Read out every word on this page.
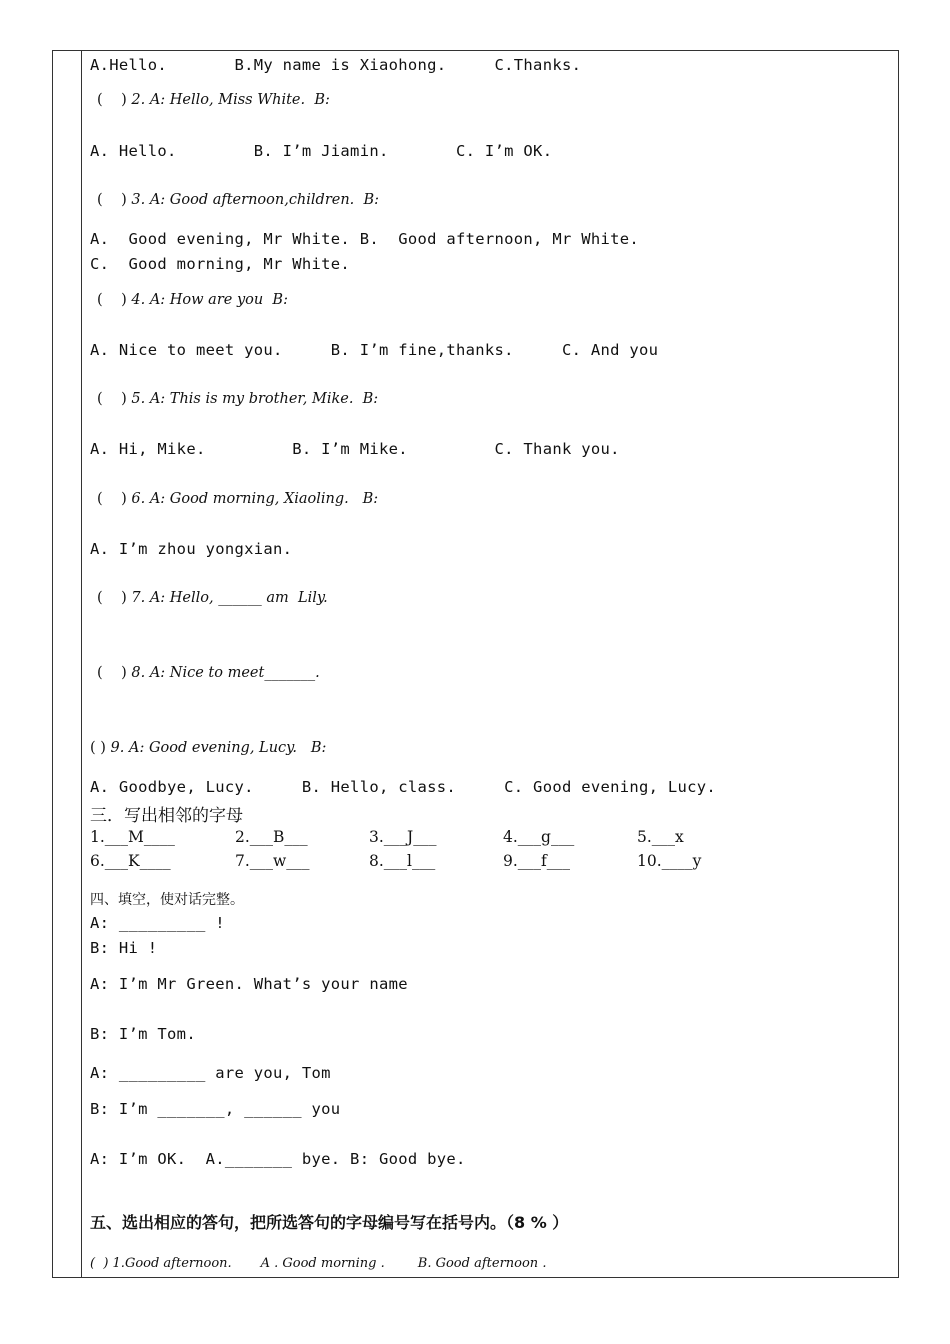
A.Hello.       B.My name is Xiaohong.     C.Thanks.
(    ) 2. A: Hello, Miss White.  B:
A. Hello.        B. I’m Jiamin.       C. I’m OK.
(    ) 3. A: Good afternoon,children.  B:
A.  Good evening, Mr White. B.  Good afternoon, Mr White.
C.  Good morning, Mr White.
(    ) 4. A: How are you  B:
A. Nice to meet you.     B. I’m fine,thanks.     C. And you
(    ) 5. A: This is my brother, Mike.  B:
A. Hi, Mike.         B. I’m Mike.         C. Thank you.
(    ) 6. A: Good morning, Xiaoling.   B:
A. I’m zhou yongxian.
(    ) 7. A: Hello, ______ am  Lily.
(    ) 8. A: Nice to meet_______.
( ) 9. A: Good evening, Lucy.   B:
A. Goodbye, Lucy.     B. Hello, class.     C. Good evening, Lucy.
三．写出相邻的字母
1.___M____	2.___B___	3.___J___	4.___g___	5.___x
6.___K____	7.___w___	8.___l___	9.___f___	10.____y
四、填空，使对话完整。
A: _________ !
B: Hi !
A: I’m Mr Green. What’s your name
B: I’m Tom.
A: _________ are you, Tom
B: I’m _______, ______ you
A: I’m OK.  A._______ bye. B: Good bye.
五、选出相应的答句，把所选答句的字母编号写在括号内。（8 % ）
(  ) 1.Good afternoon.       A . Good morning .        B. Good afternoon .
